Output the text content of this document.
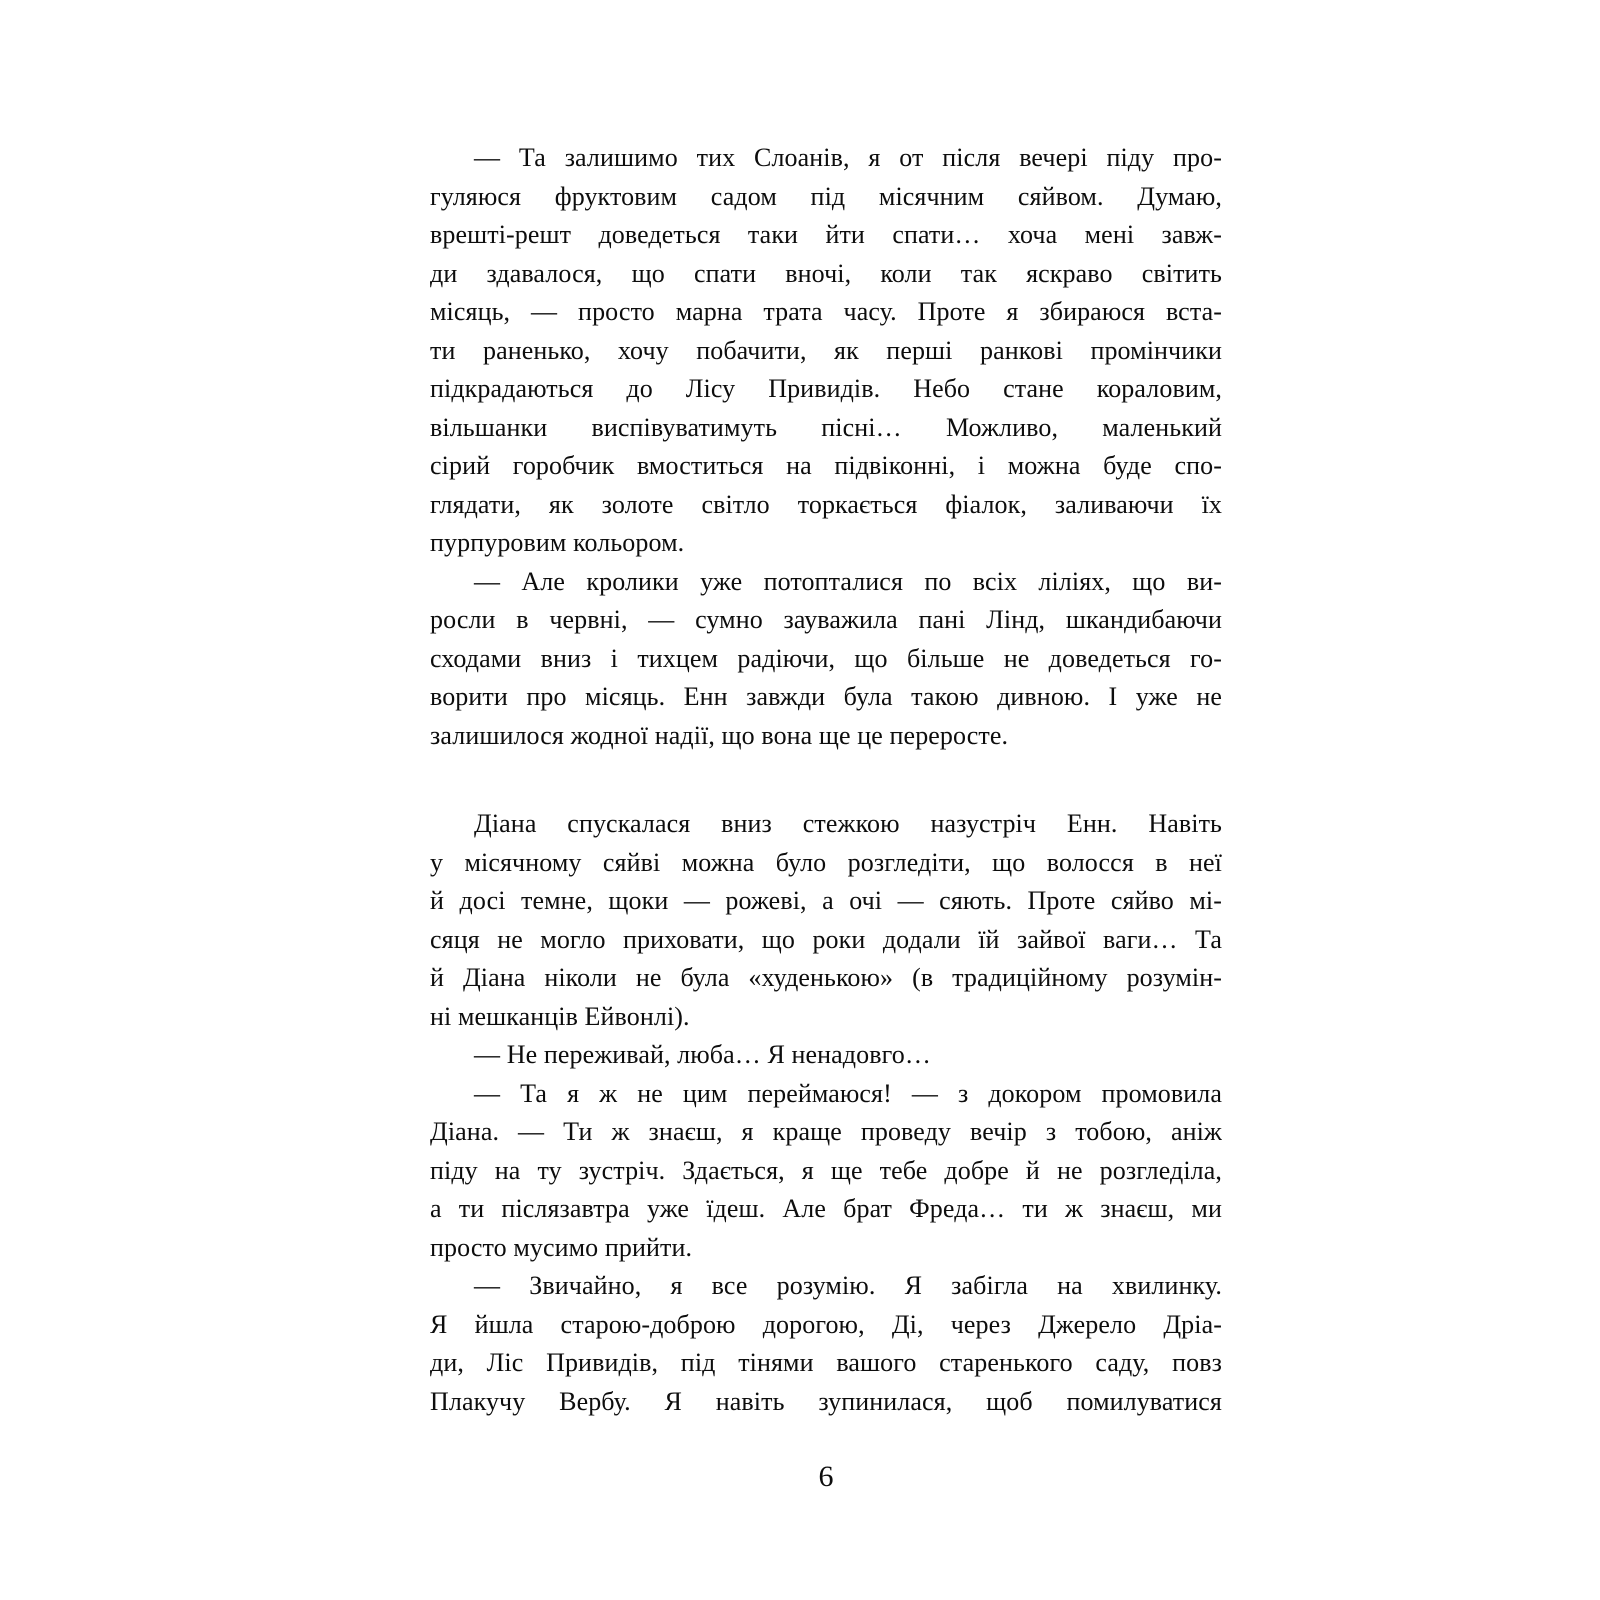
— Та залишимо тих Слоанів, я от після вечері піду про-
гуляюся фруктовим садом під місячним сяйвом. Думаю,
врешті-решт доведеться таки йти спати… хоча мені завж-
ди здавалося, що спати вночі, коли так яскраво світить
місяць, — просто марна трата часу. Проте я збираюся вста-
ти раненько, хочу побачити, як перші ранкові промінчики
підкрадаються до Лісу Привидів. Небо стане кораловим,
вільшанки виспівуватимуть пісні… Можливо, маленький
сірий горобчик вмоститься на підвіконні, і можна буде спо-
глядати, як золоте світло торкається фіалок, заливаючи їх
пурпуровим кольором.
— Але кролики уже потопталися по всіх ліліях, що ви-
росли в червні, — сумно зауважила пані Лінд, шкандибаючи
сходами вниз і тихцем радіючи, що більше не доведеться го-
ворити про місяць. Енн завжди була такою дивною. І уже не
залишилося жодної надії, що вона ще це переросте.
Діана спускалася вниз стежкою назустріч Енн. Навіть
у місячному сяйві можна було розгледіти, що волосся в неї
й досі темне, щоки — рожеві, а очі — сяють. Проте сяйво мі-
сяця не могло приховати, що роки додали їй зайвої ваги… Та
й Діана ніколи не була «худенькою» (в традиційному розумін-
ні мешканців Ейвонлі).
— Не переживай, люба… Я ненадовго…
— Та я ж не цим переймаюся! — з докором промовила
Діана. — Ти ж знаєш, я краще проведу вечір з тобою, аніж
піду на ту зустріч. Здається, я ще тебе добре й не розгледіла,
а ти післязавтра уже їдеш. Але брат Фреда… ти ж знаєш, ми
просто мусимо прийти.
— Звичайно, я все розумію. Я забігла на хвилинку.
Я йшла старою-доброю дорогою, Ді, через Джерело Дріа-
ди, Ліс Привидів, під тінями вашого старенького саду, повз
Плакучу Вербу. Я навіть зупинилася, щоб помилуватися
6
